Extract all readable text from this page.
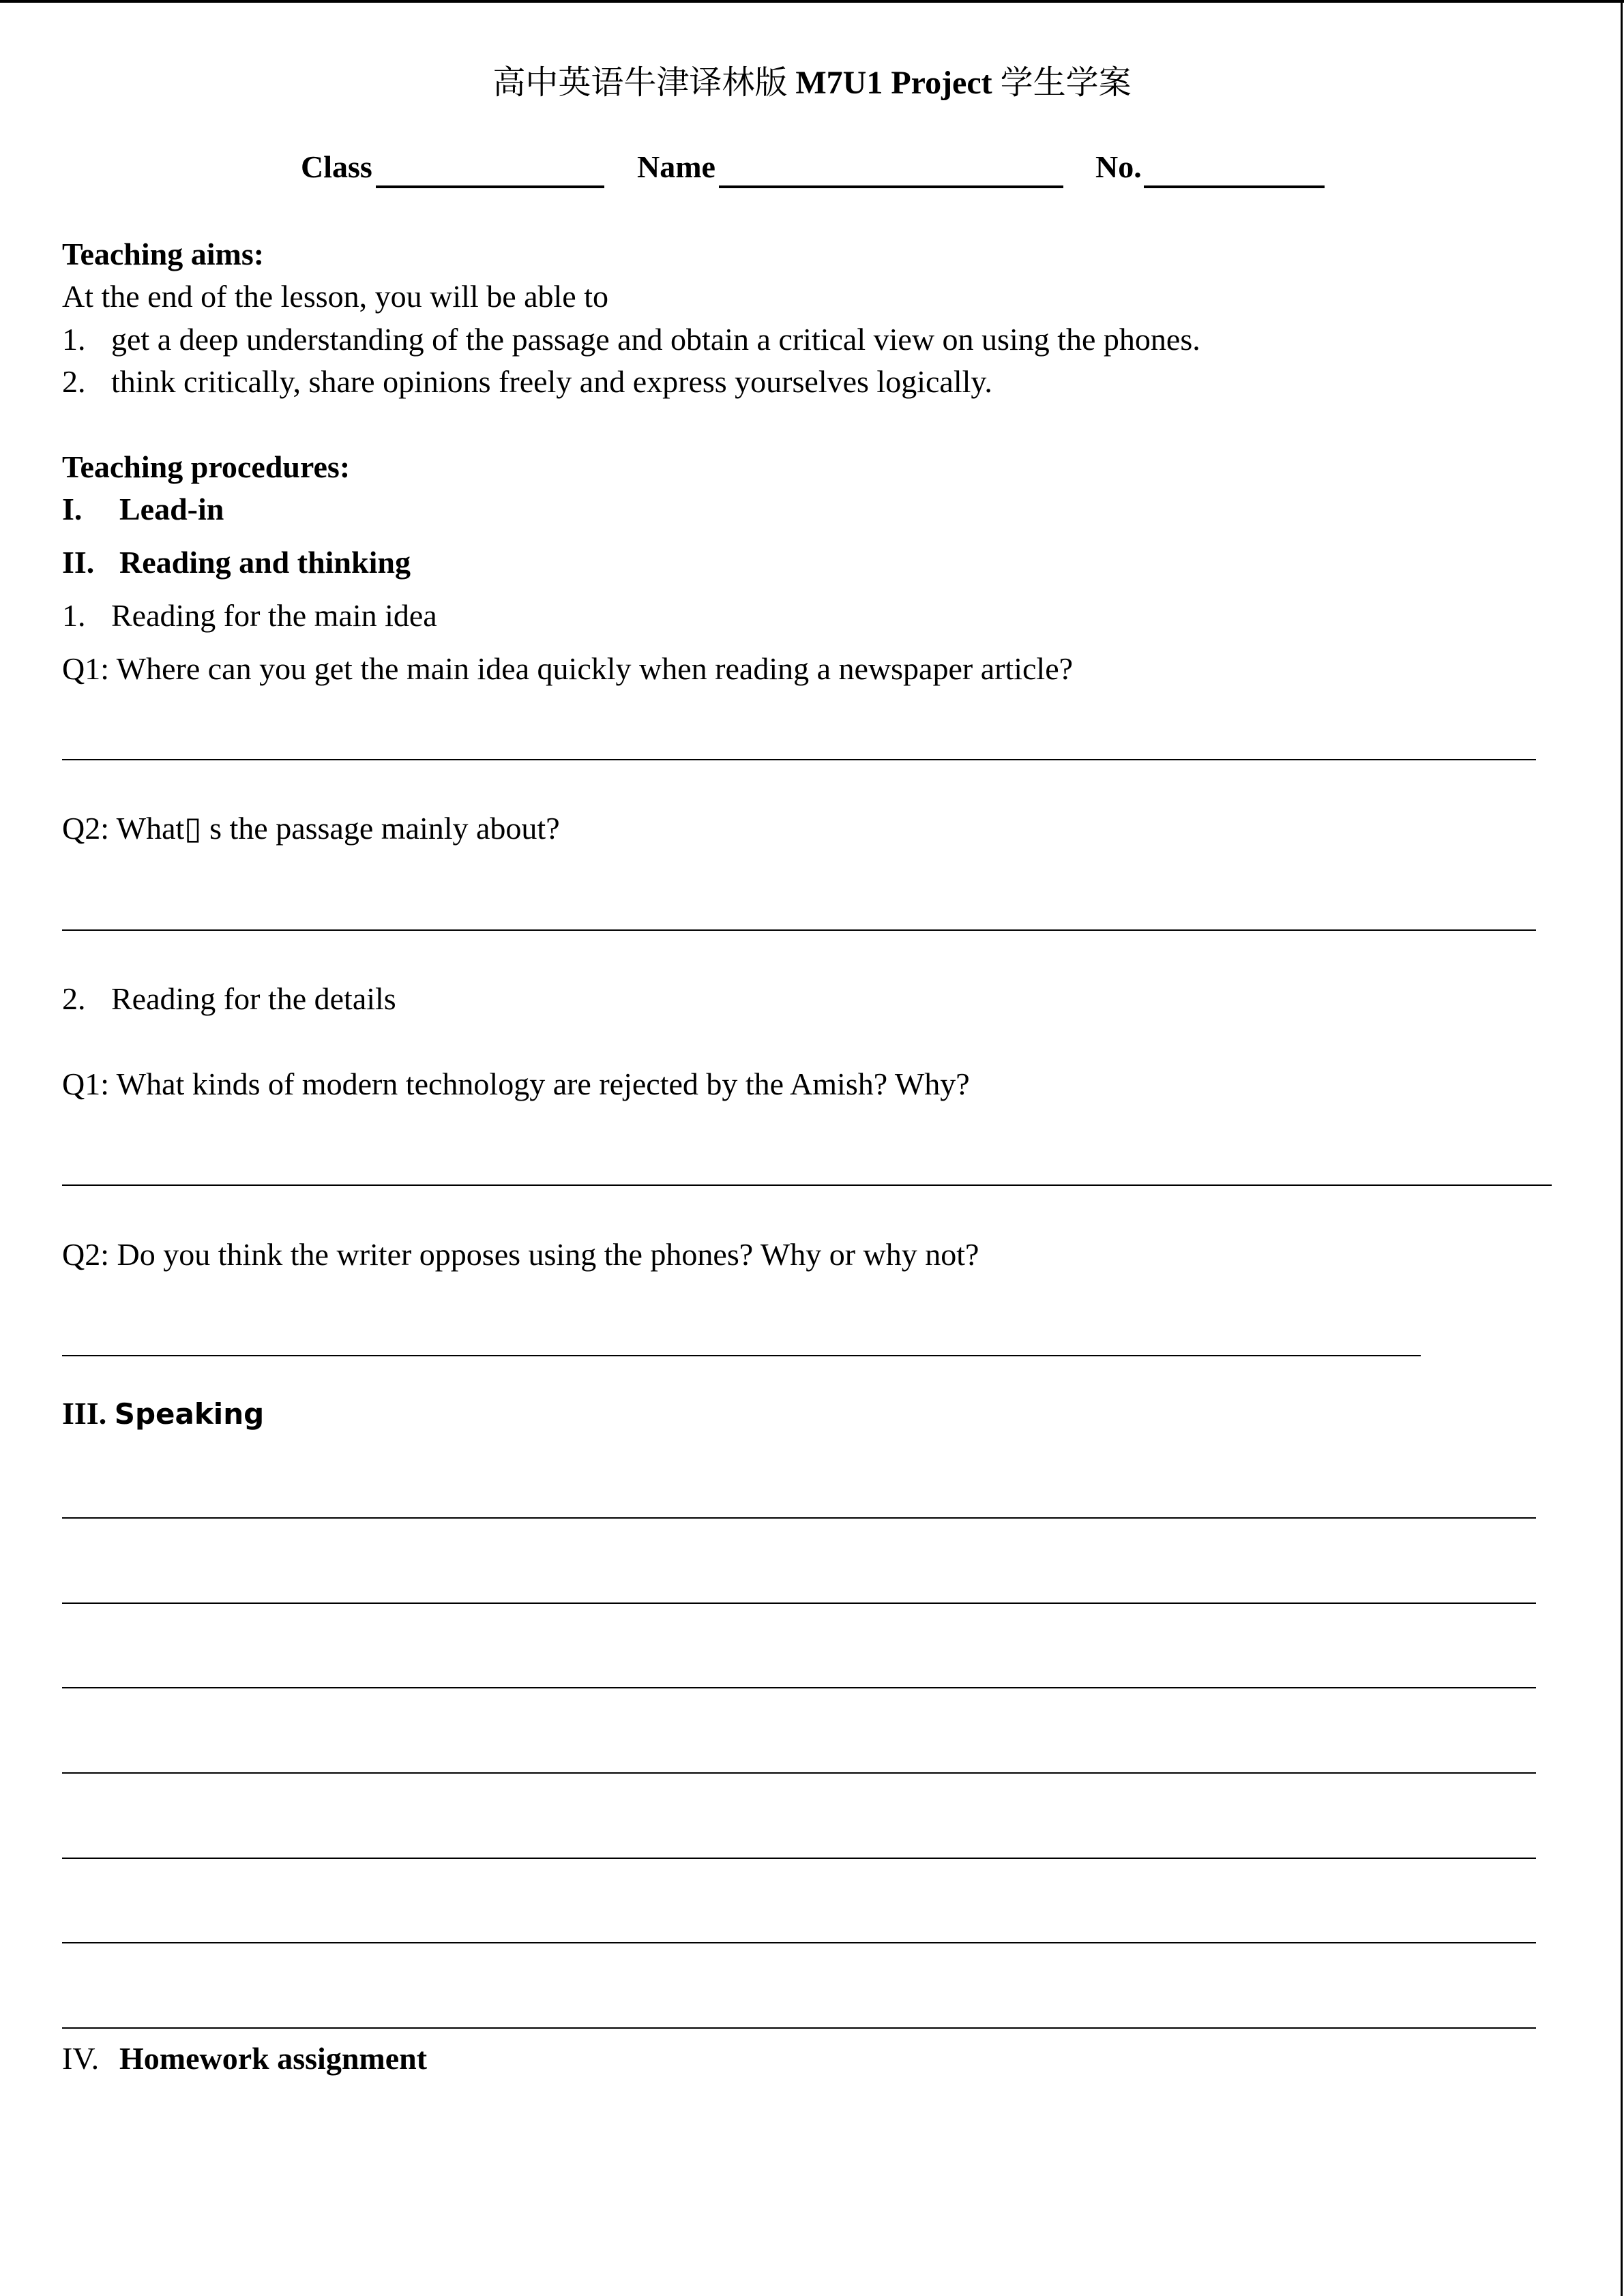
高中英语牛津译林版 M7U1 Project 学生学案
Class	Name	No.
Teaching aims:
At the end of the lesson, you will be able to
1. get a deep understanding of the passage and obtain a critical view on using the phones.
2. think critically, share opinions freely and express yourselves logically.
Teaching procedures:
I. Lead-in
II. Reading and thinking
1. Reading for the main idea
Q1: Where can you get the main idea quickly when reading a newspaper article?
Q2: What▯ s the passage mainly about?
2. Reading for the details
Q1: What kinds of modern technology are rejected by the Amish? Why?
Q2: Do you think the writer opposes using the phones? Why or why not?
III. Speaking
IV. Homework assignment
